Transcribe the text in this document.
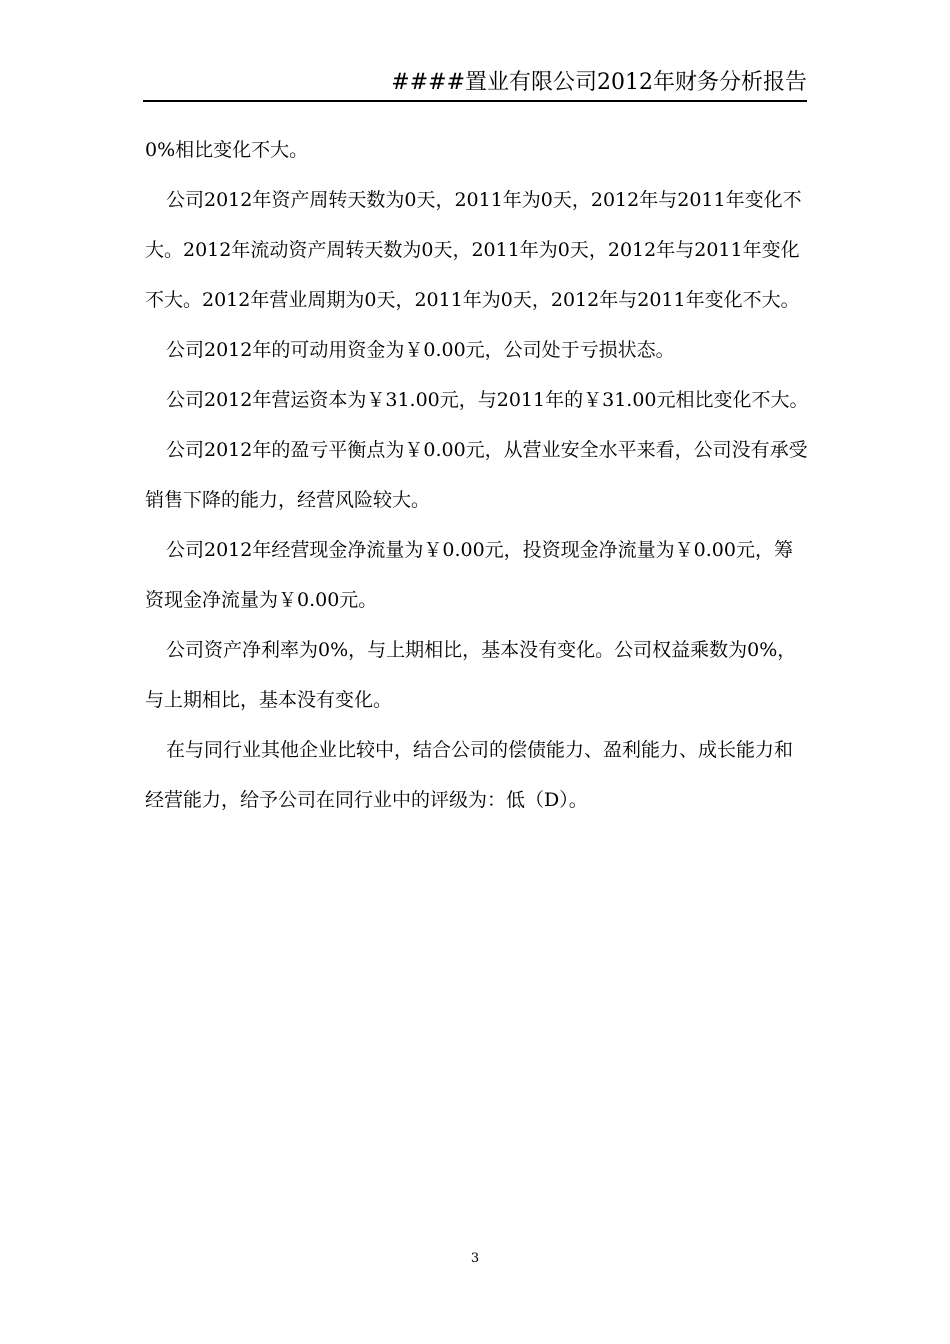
####置业有限公司2012年财务分析报告

0%相比变化不大。

公司2012年资产周转天数为0天，2011年为0天，2012年与2011年变化不大。2012年流动资产周转天数为0天，2011年为0天，2012年与2011年变化不大。2012年营业周期为0天，2011年为0天，2012年与2011年变化不大。

公司2012年的可动用资金为￥0.00元，公司处于亏损状态。

公司2012年营运资本为￥31.00元，与2011年的￥31.00元相比变化不大。

公司2012年的盈亏平衡点为￥0.00元，从营业安全水平来看，公司没有承受销售下降的能力，经营风险较大。

公司2012年经营现金净流量为￥0.00元，投资现金净流量为￥0.00元，筹资现金净流量为￥0.00元。

公司资产净利率为0%，与上期相比，基本没有变化。公司权益乘数为0%，与上期相比，基本没有变化。

在与同行业其他企业比较中，结合公司的偿债能力、盈利能力、成长能力和经营能力，给予公司在同行业中的评级为：低（D）。

3
